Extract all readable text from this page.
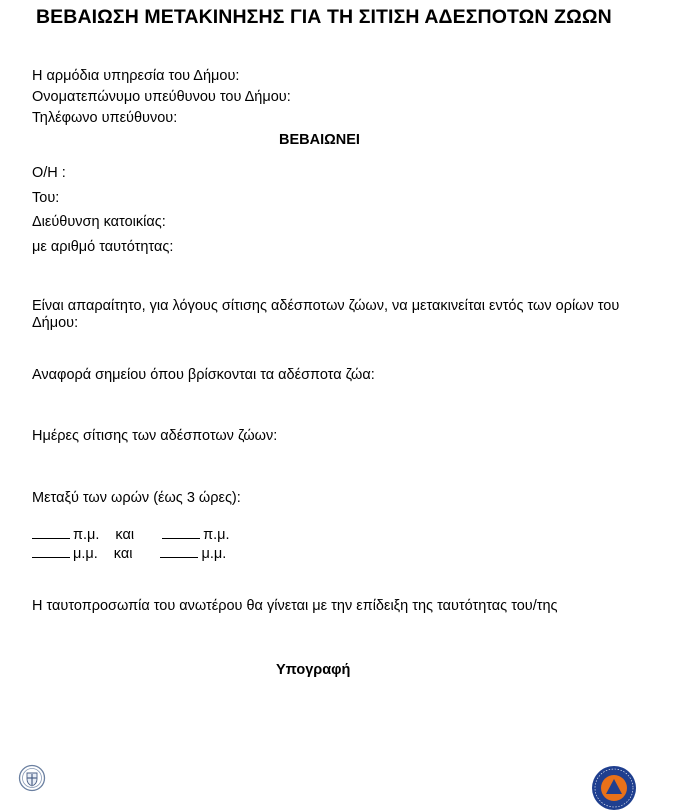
ΒΕΒΑΙΩΣΗ ΜΕΤΑΚΙΝΗΣΗΣ ΓΙΑ ΤΗ ΣΙΤΙΣΗ ΑΔΕΣΠΟΤΩΝ ΖΩΩΝ
Η αρμόδια υπηρεσία του Δήμου:
Ονοματεπώνυμο υπεύθυνου του Δήμου:
Τηλέφωνο υπεύθυνου:
ΒΕΒΑΙΩΝΕΙ
Ο/Η :
Του:
Διεύθυνση κατοικίας:
με αριθμό ταυτότητας:
Είναι απαραίτητο, για λόγους σίτισης αδέσποτων ζώων, να μετακινείται εντός των ορίων του
Δήμου:
Αναφορά σημείου όπου βρίσκονται τα αδέσποτα ζώα:
Ημέρες σίτισης των αδέσποτων ζώων:
Μεταξύ των ωρών (έως 3 ώρες):
π.μ. και	π.μ.
μ.μ. και	μ.μ.
Η ταυτοπροσωπία του ανωτέρου θα γίνεται με την επίδειξη της ταυτότητας του/της
Υπογραφή
